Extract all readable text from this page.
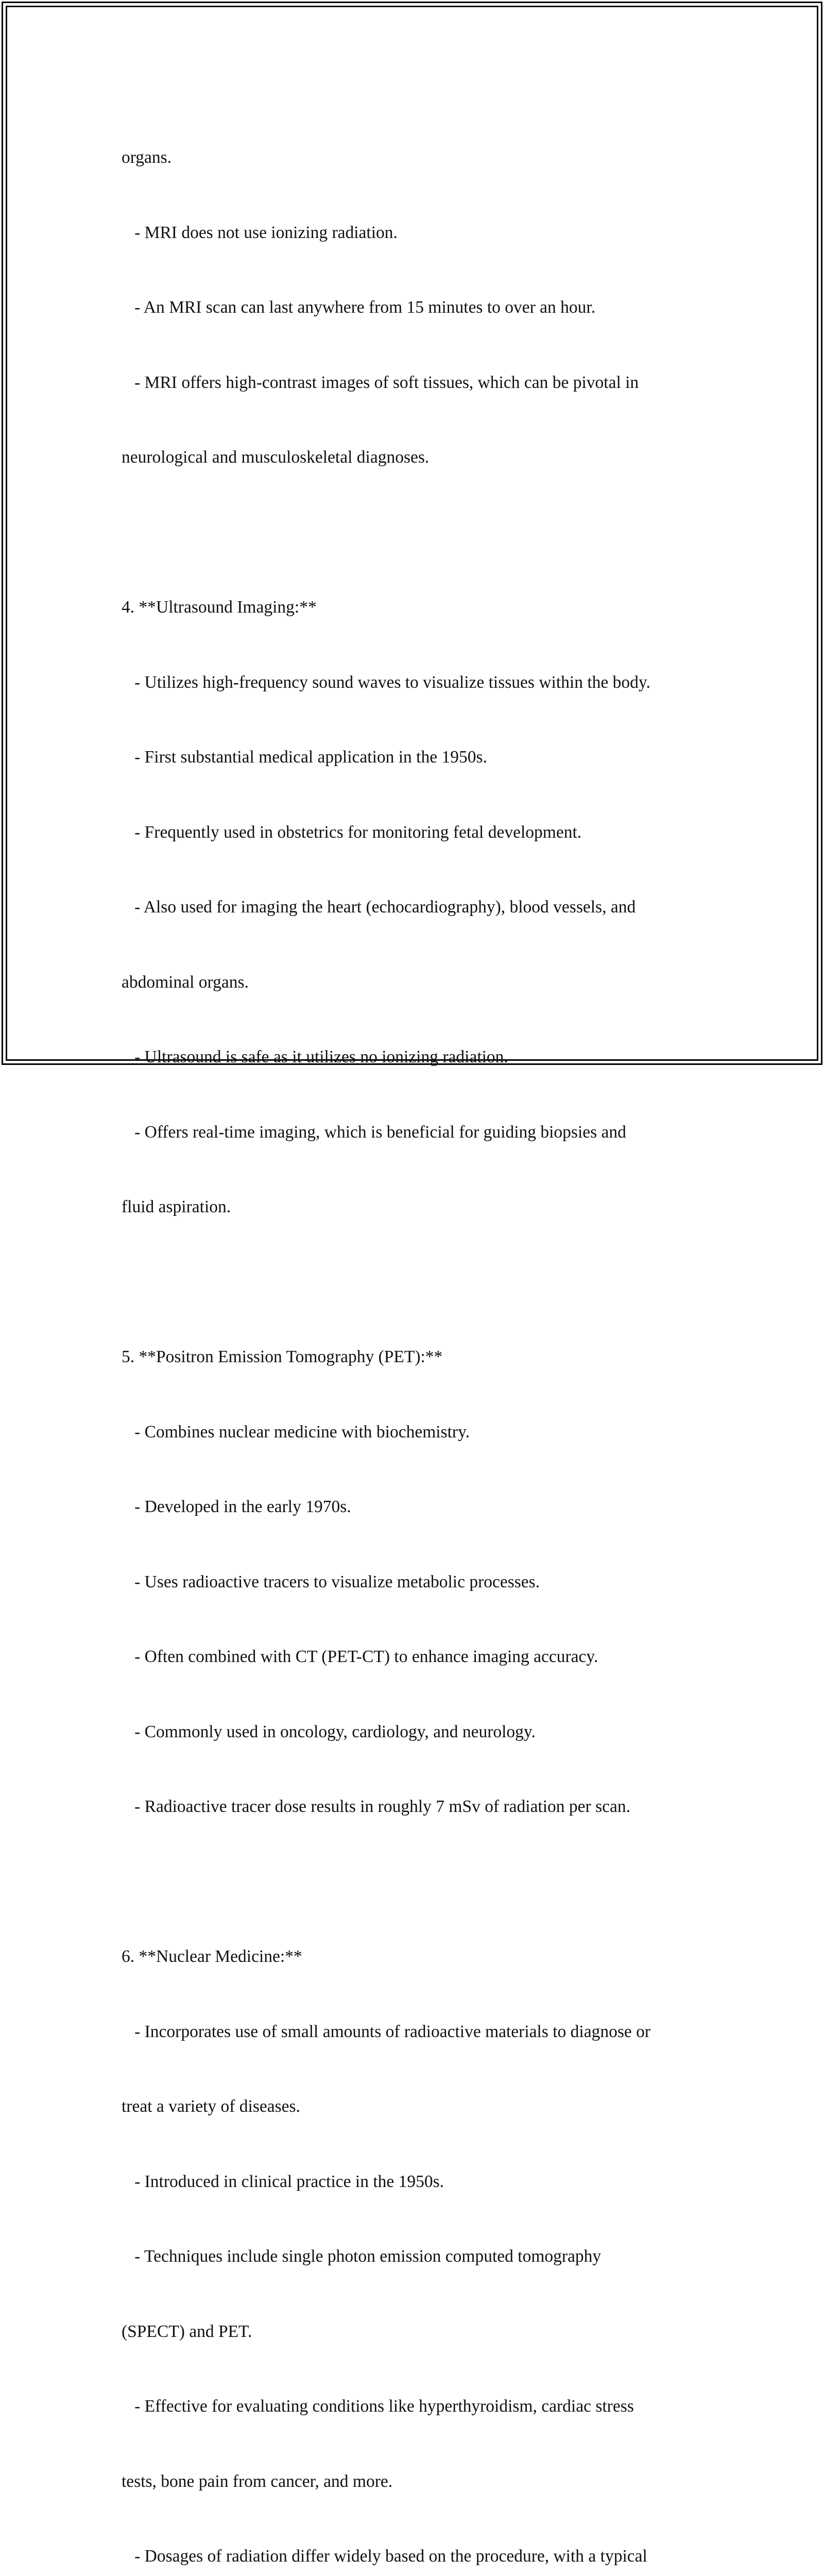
organs.

- MRI does not use ionizing radiation.

- An MRI scan can last anywhere from 15 minutes to over an hour.

- MRI offers high-contrast images of soft tissues, which can be pivotal in

neurological and musculoskeletal diagnoses.

4. **Ultrasound Imaging:**

- Utilizes high-frequency sound waves to visualize tissues within the body.

- First substantial medical application in the 1950s.

- Frequently used in obstetrics for monitoring fetal development.

- Also used for imaging the heart (echocardiography), blood vessels, and

abdominal organs.

- Ultrasound is safe as it utilizes no ionizing radiation.

- Offers real-time imaging, which is beneficial for guiding biopsies and

fluid aspiration.

5. **Positron Emission Tomography (PET):**

- Combines nuclear medicine with biochemistry.

- Developed in the early 1970s.

- Uses radioactive tracers to visualize metabolic processes.

- Often combined with CT (PET-CT) to enhance imaging accuracy.

- Commonly used in oncology, cardiology, and neurology.

- Radioactive tracer dose results in roughly 7 mSv of radiation per scan.

6. **Nuclear Medicine:**

- Incorporates use of small amounts of radioactive materials to diagnose or

treat a variety of diseases.

- Introduced in clinical practice in the 1950s.

- Techniques include single photon emission computed tomography

(SPECT) and PET.

- Effective for evaluating conditions like hyperthyroidism, cardiac stress

tests, bone pain from cancer, and more.

- Dosages of radiation differ widely based on the procedure, with a typical
